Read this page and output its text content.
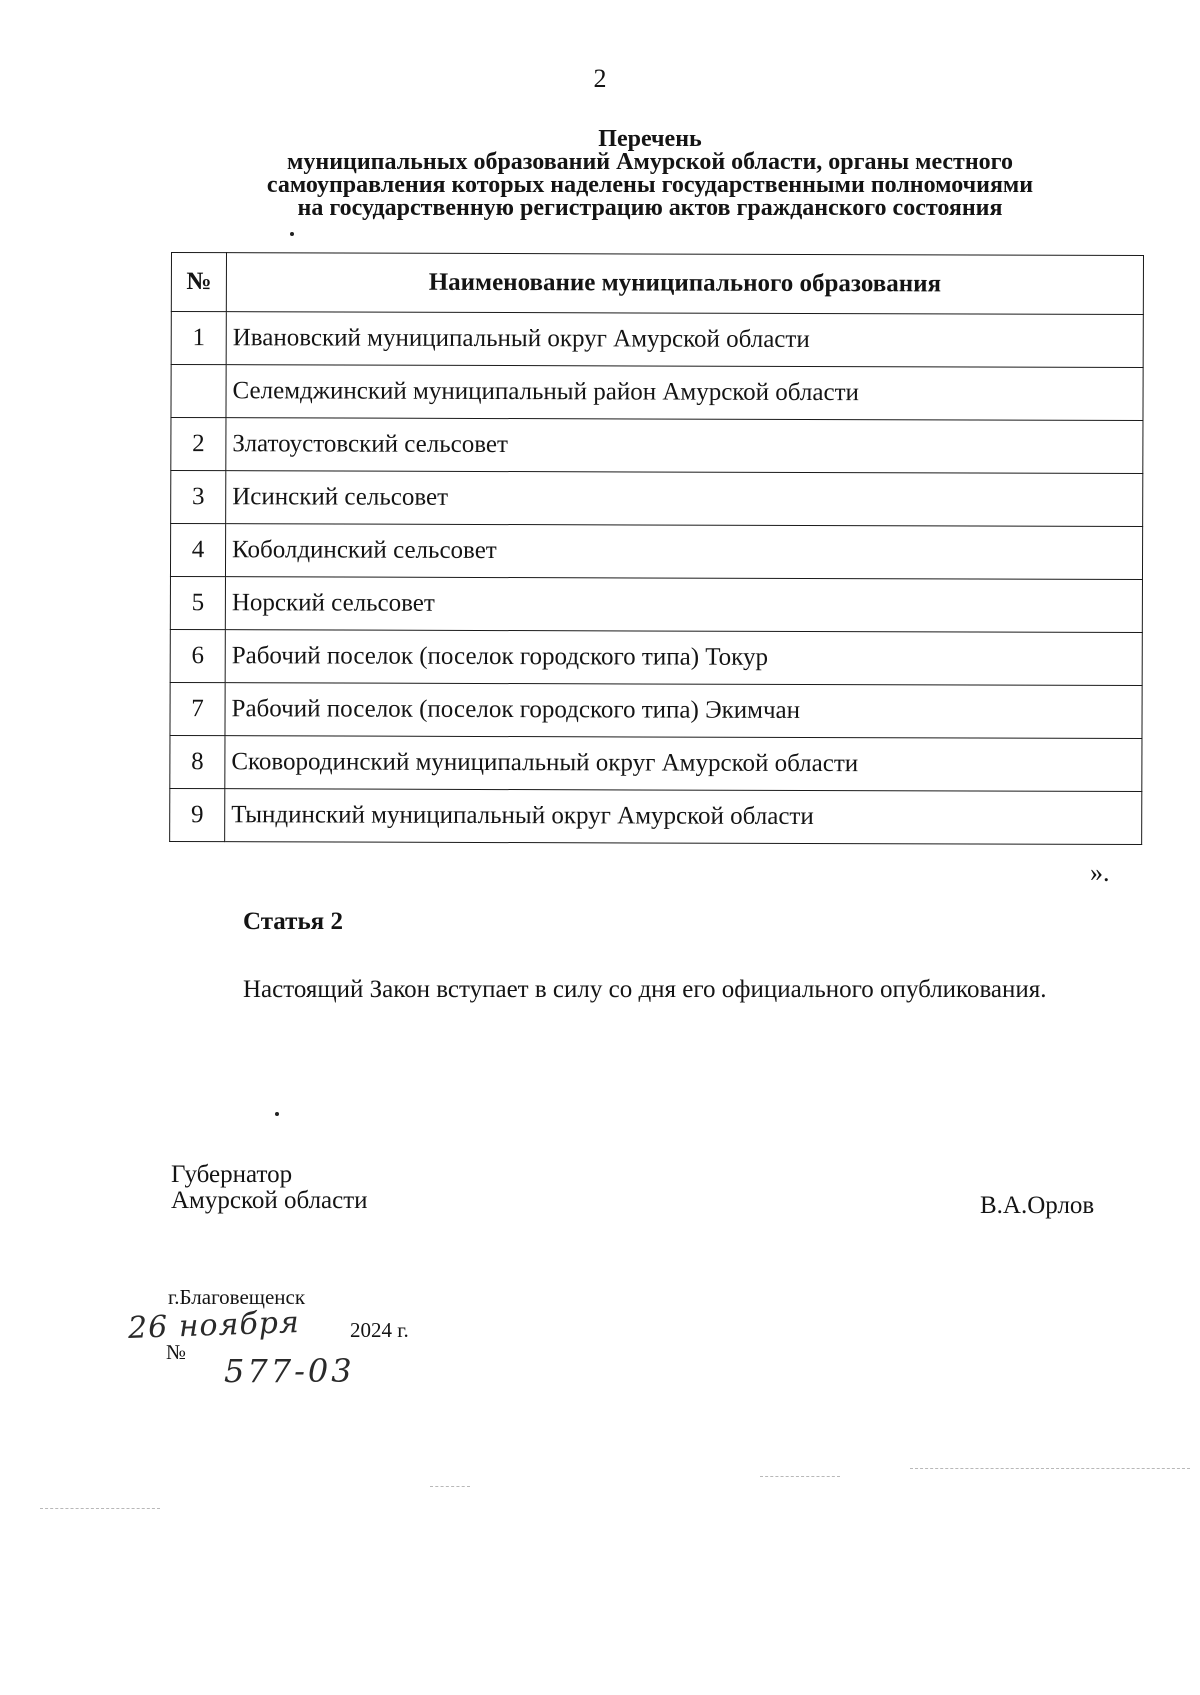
2
Перечень
муниципальных образований Амурской области, органы местного
самоуправления которых наделены государственными полномочиями
на государственную регистрацию актов гражданского состояния
№	Наименование муниципального образования
1	Ивановский муниципальный округ Амурской области
	Селемджинский муниципальный район Амурской области
2	Златоустовский сельсовет
3	Исинский сельсовет
4	Коболдинский сельсовет
5	Норский сельсовет
6	Рабочий поселок (поселок городского типа) Токур
7	Рабочий поселок (поселок городского типа) Экимчан
8	Сковородинский муниципальный округ Амурской области
9	Тындинский муниципальный округ Амурской области
».
Статья 2
Настоящий Закон вступает в силу со дня его официального опубликования.
Губернатор
Амурской области	В.А.Орлов
г.Благовещенск
26 ноября 2024 г.
№ 577-03
